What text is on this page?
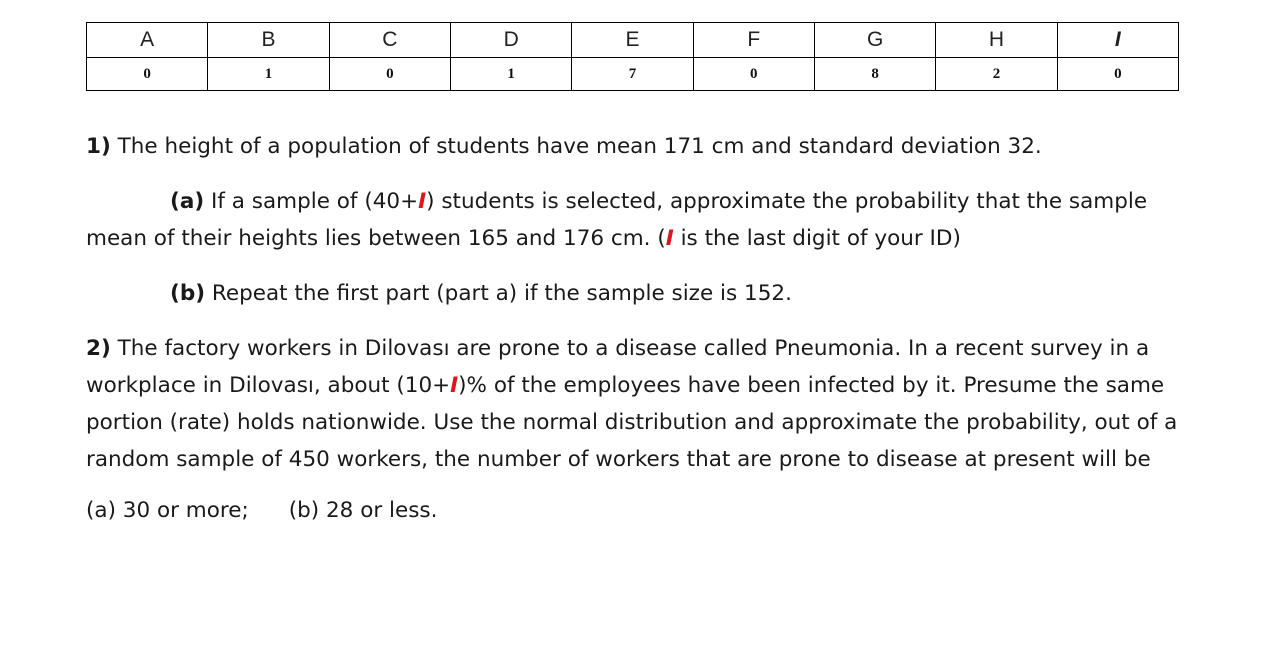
A	B	C	D	E	F	G	H	I
0	1	0	1	7	0	8	2	0

1) The height of a population of students have mean 171 cm and standard deviation 32.

(a) If a sample of (40+I) students is selected, approximate the probability that the sample mean of their heights lies between 165 and 176 cm. (I is the last digit of your ID)

(b) Repeat the first part (part a) if the sample size is 152.

2) The factory workers in Dilovası are prone to a disease called Pneumonia. In a recent survey in a workplace in Dilovası, about (10+I)% of the employees have been infected by it. Presume the same portion (rate) holds nationwide. Use the normal distribution and approximate the probability, out of a random sample of 450 workers, the number of workers that are prone to disease at present will be

(a) 30 or more; (b) 28 or less.
